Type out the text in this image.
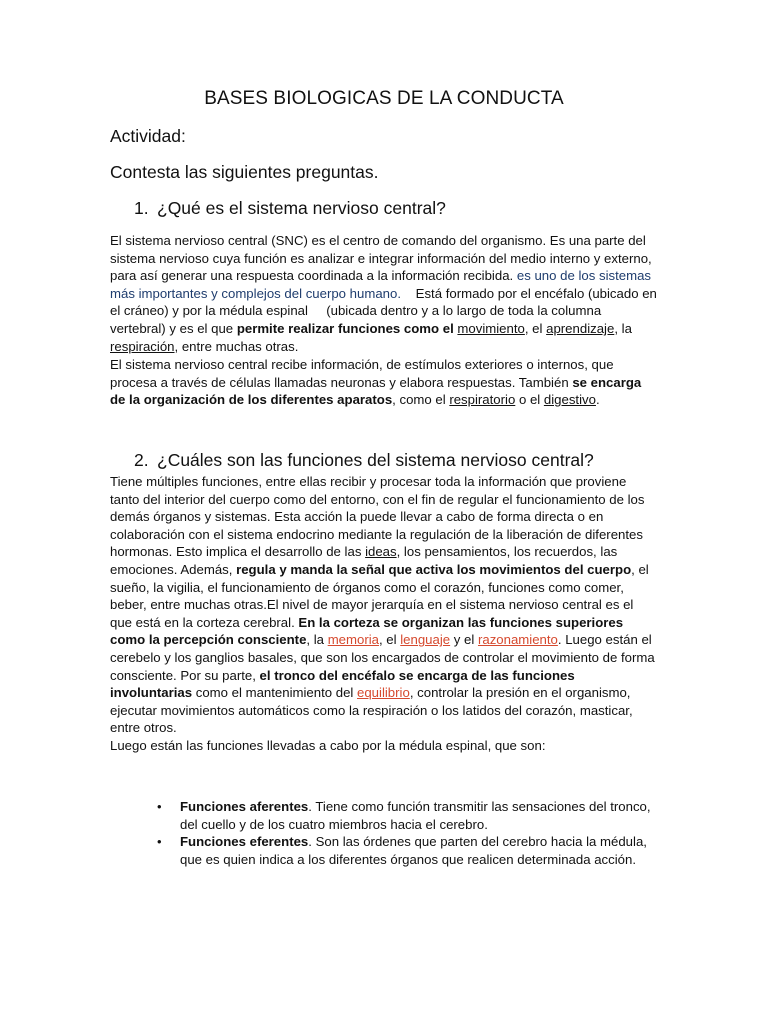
BASES BIOLOGICAS DE LA CONDUCTA
Actividad:
Contesta las siguientes preguntas.
1. ¿Qué es el sistema nervioso central?

El sistema nervioso central (SNC) es el centro de comando del organismo. Es una parte del sistema nervioso cuya función es analizar e integrar información del medio interno y externo, para así generar una respuesta coordinada a la información recibida. es uno de los sistemas más importantes y complejos del cuerpo humano.    Está formado por el encéfalo (ubicado en el cráneo) y por la médula espinal     (ubicada dentro y a lo largo de toda la columna vertebral) y es el que permite realizar funciones como el movimiento, el aprendizaje, la respiración, entre muchas otras.

El sistema nervioso central recibe información, de estímulos exteriores o internos, que procesa a través de células llamadas neuronas y elabora respuestas. También se encarga de la organización de los diferentes aparatos, como el respiratorio o el digestivo.

2. ¿Cuáles son las funciones del sistema nervioso central?

Tiene múltiples funciones, entre ellas recibir y procesar toda la información que proviene tanto del interior del cuerpo como del entorno, con el fin de regular el funcionamiento de los demás órganos y sistemas. Esta acción la puede llevar a cabo de forma directa o en colaboración con el sistema endocrino mediante la regulación de la liberación de diferentes hormonas. Esto implica el desarrollo de las ideas, los pensamientos, los recuerdos, las emociones. Además, regula y manda la señal que activa los movimientos del cuerpo, el sueño, la vigilia, el funcionamiento de órganos como el corazón, funciones como comer, beber, entre muchas otras.El nivel de mayor jerarquía en el sistema nervioso central es el que está en la corteza cerebral. En la corteza se organizan las funciones superiores como la percepción consciente, la memoria, el lenguaje y el razonamiento. Luego están el cerebelo y los ganglios basales, que son los encargados de controlar el movimiento de forma consciente. Por su parte, el tronco del encéfalo se encarga de las funciones involuntarias como el mantenimiento del equilibrio, controlar la presión en el organismo, ejecutar movimientos automáticos como la respiración o los latidos del corazón, masticar, entre otros.
Luego están las funciones llevadas a cabo por la médula espinal, que son:

• Funciones aferentes. Tiene como función transmitir las sensaciones del tronco, del cuello y de los cuatro miembros hacia el cerebro.
• Funciones eferentes. Son las órdenes que parten del cerebro hacia la médula, que es quien indica a los diferentes órganos que realicen determinada acción.
